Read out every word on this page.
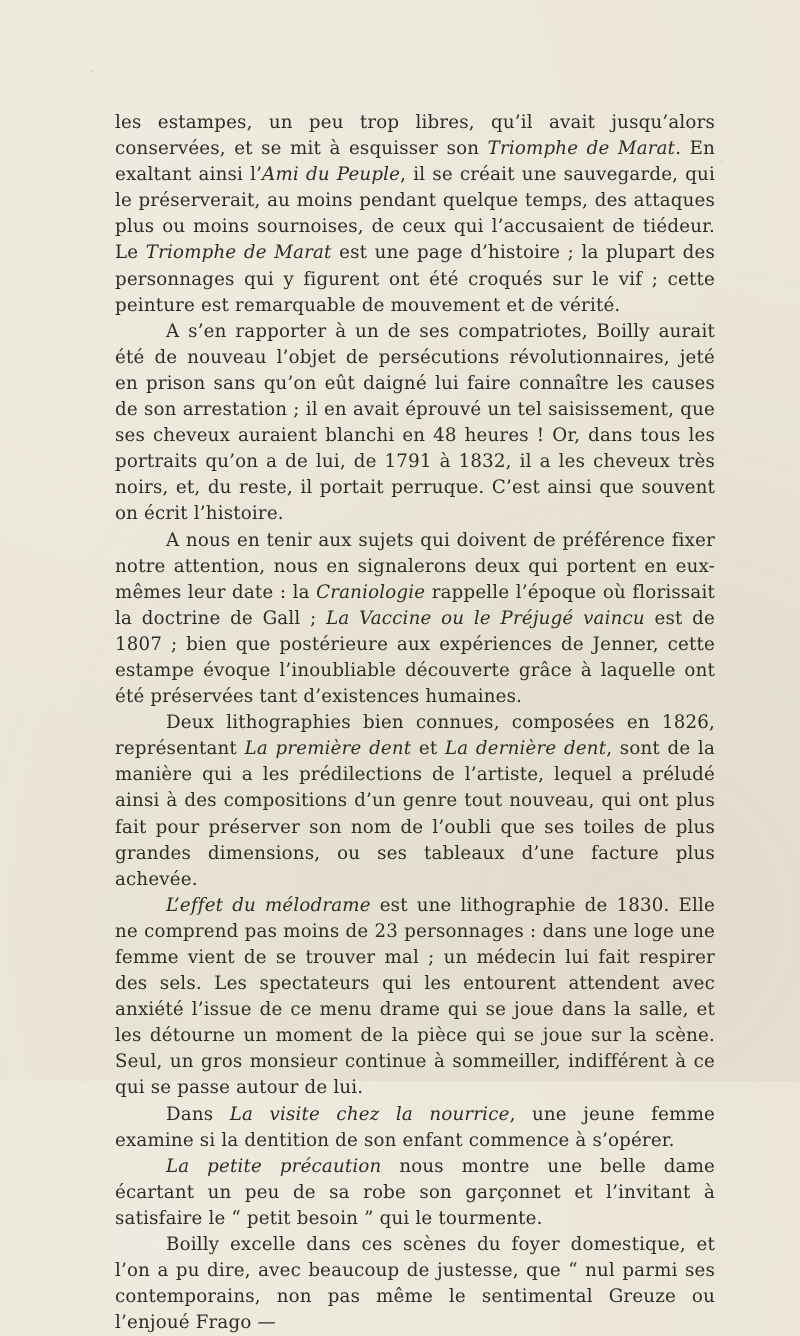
les estampes, un peu trop libres, qu’il avait jusqu’alors conservées, et se mit à esquisser son Triomphe de Marat. En exaltant ainsi l’Ami du Peuple, il se créait une sauvegarde, qui le préserverait, au moins pendant quelque temps, des attaques plus ou moins sournoises, de ceux qui l’accusaient de tiédeur. Le Triomphe de Marat est une page d’histoire ; la plupart des personnages qui y figurent ont été croqués sur le vif ; cette peinture est remarquable de mouvement et de vérité.

A s’en rapporter à un de ses compatriotes, Boilly aurait été de nouveau l’objet de persécutions révolutionnaires, jeté en prison sans qu’on eût daigné lui faire connaître les causes de son arrestation ; il en avait éprouvé un tel saisissement, que ses cheveux auraient blanchi en 48 heures ! Or, dans tous les portraits qu’on a de lui, de 1791 à 1832, il a les cheveux très noirs, et, du reste, il portait perruque. C’est ainsi que souvent on écrit l’histoire.

A nous en tenir aux sujets qui doivent de préférence fixer notre attention, nous en signalerons deux qui portent en eux-mêmes leur date : la Craniologie rappelle l’époque où florissait la doctrine de Gall ; La Vaccine ou le Préjugé vaincu est de 1807 ; bien que postérieure aux expériences de Jenner, cette estampe évoque l’inoubliable découverte grâce à laquelle ont été préservées tant d’existences humaines.

Deux lithographies bien connues, composées en 1826, représentant La première dent et La dernière dent, sont de la manière qui a les prédilections de l’artiste, lequel a préludé ainsi à des compositions d’un genre tout nouveau, qui ont plus fait pour préserver son nom de l’oubli que ses toiles de plus grandes dimensions, ou ses tableaux d’une facture plus achevée.

L’effet du mélodrame est une lithographie de 1830. Elle ne comprend pas moins de 23 personnages : dans une loge une femme vient de se trouver mal ; un médecin lui fait respirer des sels. Les spectateurs qui les entourent attendent avec anxiété l’issue de ce menu drame qui se joue dans la salle, et les détourne un moment de la pièce qui se joue sur la scène. Seul, un gros monsieur continue à sommeiller, indifférent à ce qui se passe autour de lui.

Dans La visite chez la nourrice, une jeune femme examine si la dentition de son enfant commence à s’opérer.

La petite précaution nous montre une belle dame écartant un peu de sa robe son garçonnet et l’invitant à satisfaire le “ petit besoin ” qui le tourmente.

Boilly excelle dans ces scènes du foyer domestique, et l’on a pu dire, avec beaucoup de justesse, que “ nul parmi ses contemporains, non pas même le sentimental Greuze ou l’enjoué Frago —
